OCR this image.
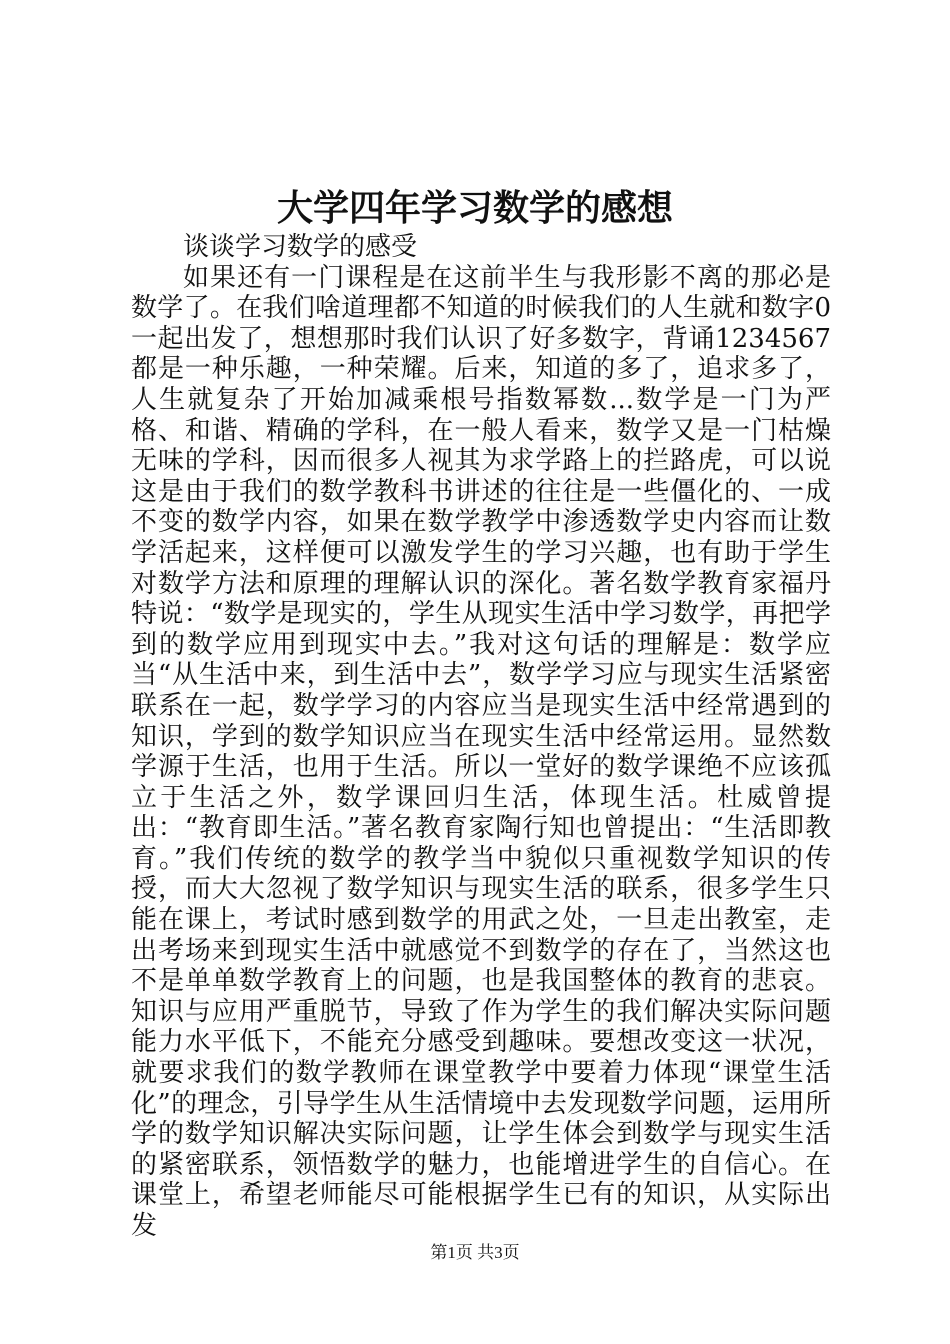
大学四年学习数学的感想

谈谈学习数学的感受

如果还有一门课程是在这前半生与我形影不离的那必是数学了。在我们啥道理都不知道的时候我们的人生就和数字0一起出发了，想想那时我们认识了好多数字，背诵1234567都是一种乐趣，一种荣耀。后来，知道的多了，追求多了，人生就复杂了开始加减乘根号指数幂数...数学是一门为严格、和谐、精确的学科，在一般人看来，数学又是一门枯燥无味的学科，因而很多人视其为求学路上的拦路虎，可以说这是由于我们的数学教科书讲述的往往是一些僵化的、一成不变的数学内容，如果在数学教学中渗透数学史内容而让数学活起来，这样便可以激发学生的学习兴趣，也有助于学生对数学方法和原理的理解认识的深化。著名数学教育家福丹特说：“数学是现实的，学生从现实生活中学习数学，再把学到的数学应用到现实中去。”我对这句话的理解是：数学应当“从生活中来，到生活中去”，数学学习应与现实生活紧密联系在一起，数学学习的内容应当是现实生活中经常遇到的知识，学到的数学知识应当在现实生活中经常运用。显然数学源于生活，也用于生活。所以一堂好的数学课绝不应该孤立于生活之外，数学课回归生活，体现生活。杜威曾提出：“教育即生活。”著名教育家陶行知也曾提出：“生活即教育。”我们传统的数学的教学当中貌似只重视数学知识的传授，而大大忽视了数学知识与现实生活的联系，很多学生只能在课上，考试时感到数学的用武之处，一旦走出教室，走出考场来到现实生活中就感觉不到数学的存在了，当然这也不是单单数学教育上的问题，也是我国整体的教育的悲哀。知识与应用严重脱节，导致了作为学生的我们解决实际问题能力水平低下，不能充分感受到趣味。要想改变这一状况，就要求我们的数学教师在课堂教学中要着力体现“课堂生活化”的理念，引导学生从生活情境中去发现数学问题，运用所学的数学知识解决实际问题，让学生体会到数学与现实生活的紧密联系，领悟数学的魅力，也能增进学生的自信心。在课堂上，希望老师能尽可能根据学生已有的知识，从实际出发

第1页 共3页
